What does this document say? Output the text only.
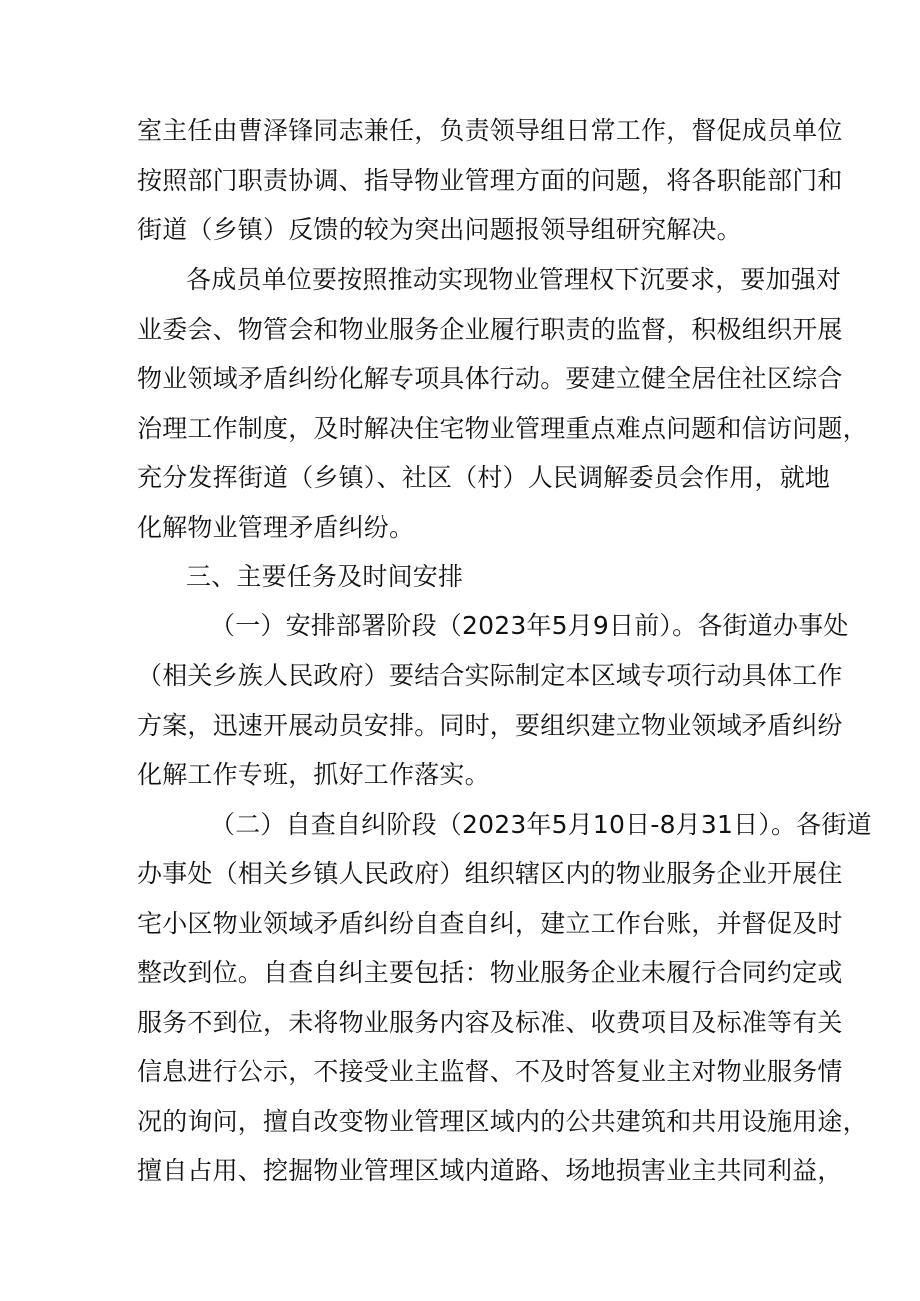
室主任由曹泽锋同志兼任，负责领导组日常工作，督促成员单位
按照部门职责协调、指导物业管理方面的问题，将各职能部门和
街道（乡镇）反馈的较为突出问题报领导组研究解决。
各成员单位要按照推动实现物业管理权下沉要求，要加强对
业委会、物管会和物业服务企业履行职责的监督，积极组织开展
物业领域矛盾纠纷化解专项具体行动。要建立健全居住社区综合
治理工作制度，及时解决住宅物业管理重点难点问题和信访问题，
充分发挥街道（乡镇）、社区（村）人民调解委员会作用，就地
化解物业管理矛盾纠纷。
三、主要任务及时间安排
（一）安排部署阶段（2023年5月9日前）。各街道办事处
（相关乡族人民政府）要结合实际制定本区域专项行动具体工作
方案，迅速开展动员安排。同时，要组织建立物业领域矛盾纠纷
化解工作专班，抓好工作落实。
（二）自查自纠阶段（2023年5月10日-8月31日）。各街道
办事处（相关乡镇人民政府）组织辖区内的物业服务企业开展住
宅小区物业领域矛盾纠纷自查自纠，建立工作台账，并督促及时
整改到位。自查自纠主要包括：物业服务企业未履行合同约定或
服务不到位，未将物业服务内容及标准、收费项目及标准等有关
信息进行公示，不接受业主监督、不及时答复业主对物业服务情
况的询问，擅自改变物业管理区域内的公共建筑和共用设施用途，
擅自占用、挖掘物业管理区域内道路、场地损害业主共同利益，
